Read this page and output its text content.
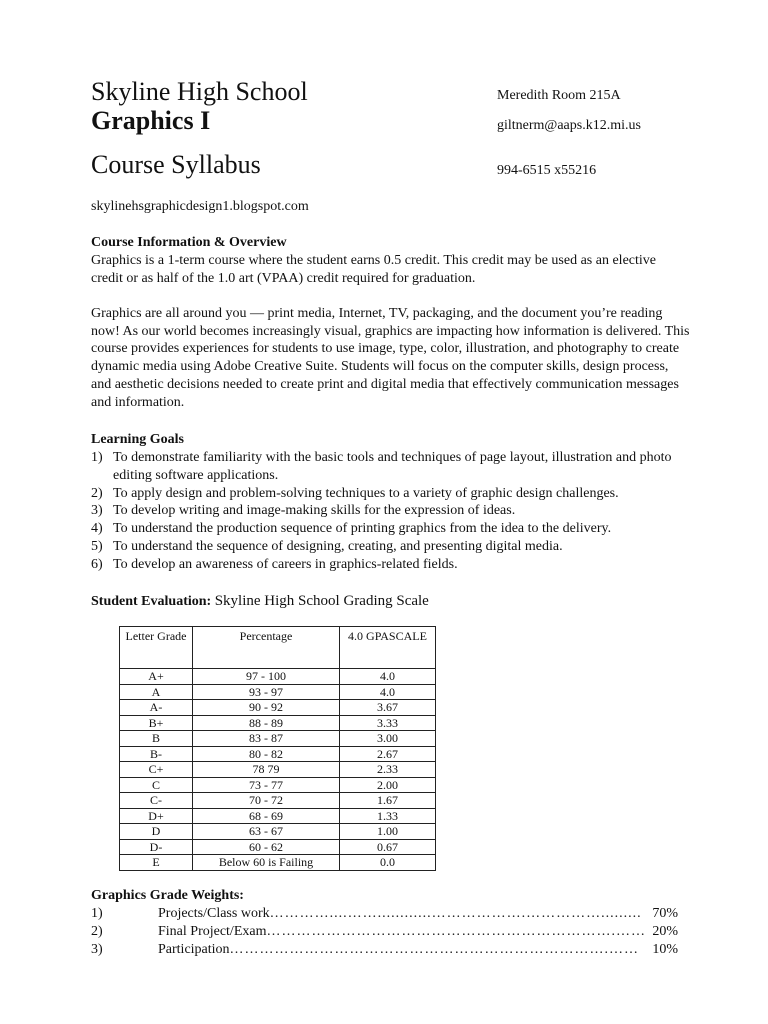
Skyline High School
Graphics I
Course Syllabus
Meredith Room 215A
giltnerm@aaps.k12.mi.us
994-6515 x55216
skylinehsgraphicdesign1.blogspot.com
Course Information & Overview

Graphics is a 1-term course where the student earns 0.5 credit. This credit may be used as an elective credit or as half of the 1.0 art (VPAA) credit required for graduation.

Graphics are all around you — print media, Internet, TV, packaging, and the document you’re reading now! As our world becomes increasingly visual, graphics are impacting how information is delivered. This course provides experiences for students to use image, type, color, illustration, and photography to create dynamic media using Adobe Creative Suite. Students will focus on the computer skills, design process, and aesthetic decisions needed to create print and digital media that effectively communication messages and information.

Learning Goals
1) To demonstrate familiarity with the basic tools and techniques of page layout, illustration and photo editing software applications.
2) To apply design and problem-solving techniques to a variety of graphic design challenges.
3) To develop writing and image-making skills for the expression of ideas.
4) To understand the production sequence of printing graphics from the idea to the delivery.
5) To understand the sequence of designing, creating, and presenting digital media.
6) To develop an awareness of careers in graphics-related fields.
Student Evaluation: Skyline High School Grading Scale
Letter Grade	Percentage	4.0 GPASCALE
A+	97 - 100	4.0
A	93 - 97	4.0
A-	90 - 92	3.67
B+	88 - 89	3.33
B	83 - 87	3.00
B-	80 - 82	2.67
C+	78 79	2.33
C	73 - 77	2.00
C-	70 - 72	1.67
D+	68 - 69	1.33
D	63 - 67	1.00
D-	60 - 62	0.67
E	Below 60 is Failing	0.0
Graphics Grade Weights:
1)	Projects/Class work …………....……............……………….……………......... 70%
2)	Final Project/Exam …………………………………………………………….…… 20%
3)	Participation ………………………………………………………………….…… 10%
